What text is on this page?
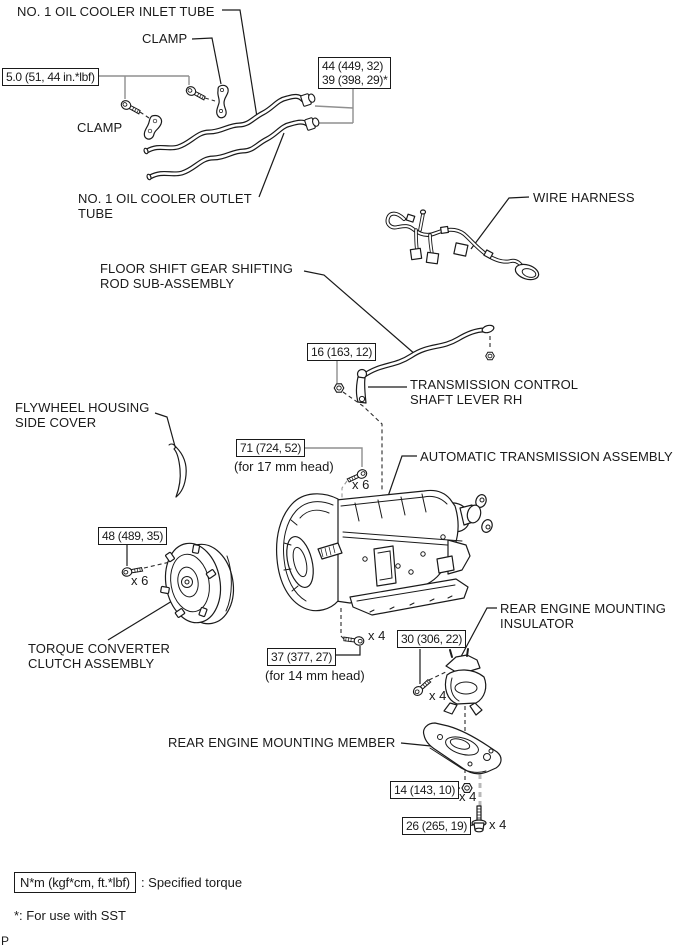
NO. 1 OIL COOLER INLET TUBE
CLAMP
CLAMP
NO. 1 OIL COOLER OUTLET
TUBE
WIRE HARNESS
FLOOR SHIFT GEAR SHIFTING
ROD SUB-ASSEMBLY
TRANSMISSION CONTROL
SHAFT LEVER RH
FLYWHEEL HOUSING
SIDE COVER
AUTOMATIC TRANSMISSION ASSEMBLY
TORQUE CONVERTER
CLUTCH ASSEMBLY
REAR ENGINE MOUNTING
INSULATOR
REAR ENGINE MOUNTING MEMBER
5.0 (51, 44 in.*lbf)
44 (449, 32)
39 (398, 29)*
16 (163, 12)
71 (724, 52)
(for 17 mm head)
x 6
48 (489, 35)
x 6
37 (377, 27)
(for 14 mm head)
x 4	30 (306, 22)
x 4
14 (143, 10) x 4
26 (265, 19)	x 4
N*m (kgf*cm, ft.*lbf) : Specified torque
*: For use with SST
P
